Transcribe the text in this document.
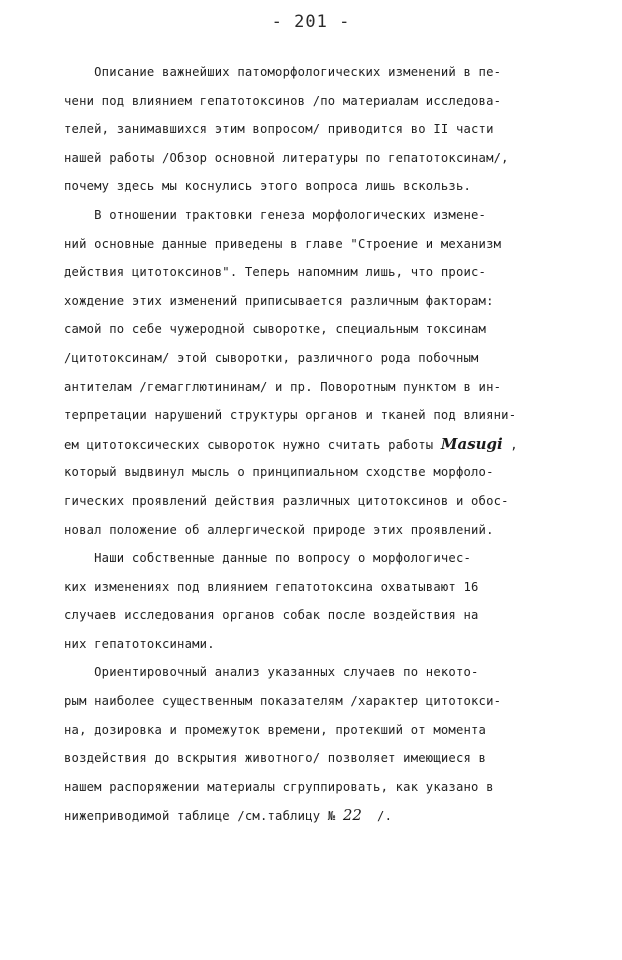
- 201 -
Описание важнейших патоморфологических изменений в пе-
чени под влиянием гепатотоксинов /по материалам исследова-
телей, занимавшихся этим вопросом/ приводится во II части
нашей работы /Обзор основной литературы по гепатотоксинам/,
почему здесь мы коснулись этого вопроса лишь вскользь.
В отношении трактовки генеза морфологических измене-
ний основные данные приведены в главе "Строение и механизм
действия цитотоксинов". Теперь напомним лишь, что проис-
хождение этих изменений приписывается различным факторам:
самой по себе чужеродной сыворотке, специальным токсинам
/цитотоксинам/ этой сыворотки, различного рода побочным
антителам /гемагглютининам/ и пр. Поворотным пунктом в ин-
терпретации нарушений структуры органов и тканей под влияни-
ем цитотоксических сывороток нужно считать работы Masugi ,
который выдвинул мысль о принципиальном сходстве морфоло-
гических проявлений действия различных цитотоксинов и обос-
новал положение об аллергической природе этих проявлений.
Наши собственные данные по вопросу о морфологичес-
ких изменениях под влиянием гепатотоксина охватывают 16
случаев исследования органов собак после воздействия на
них гепатотоксинами.
Ориентировочный анализ указанных случаев по некото-
рым наиболее существенным показателям /характер цитотокси-
на, дозировка и промежуток времени, протекший от момента
воздействия до вскрытия животного/ позволяет имеющиеся в
нашем распоряжении материалы сгруппировать, как указано в
нижеприводимой таблице /см.таблицу № 22  /.
